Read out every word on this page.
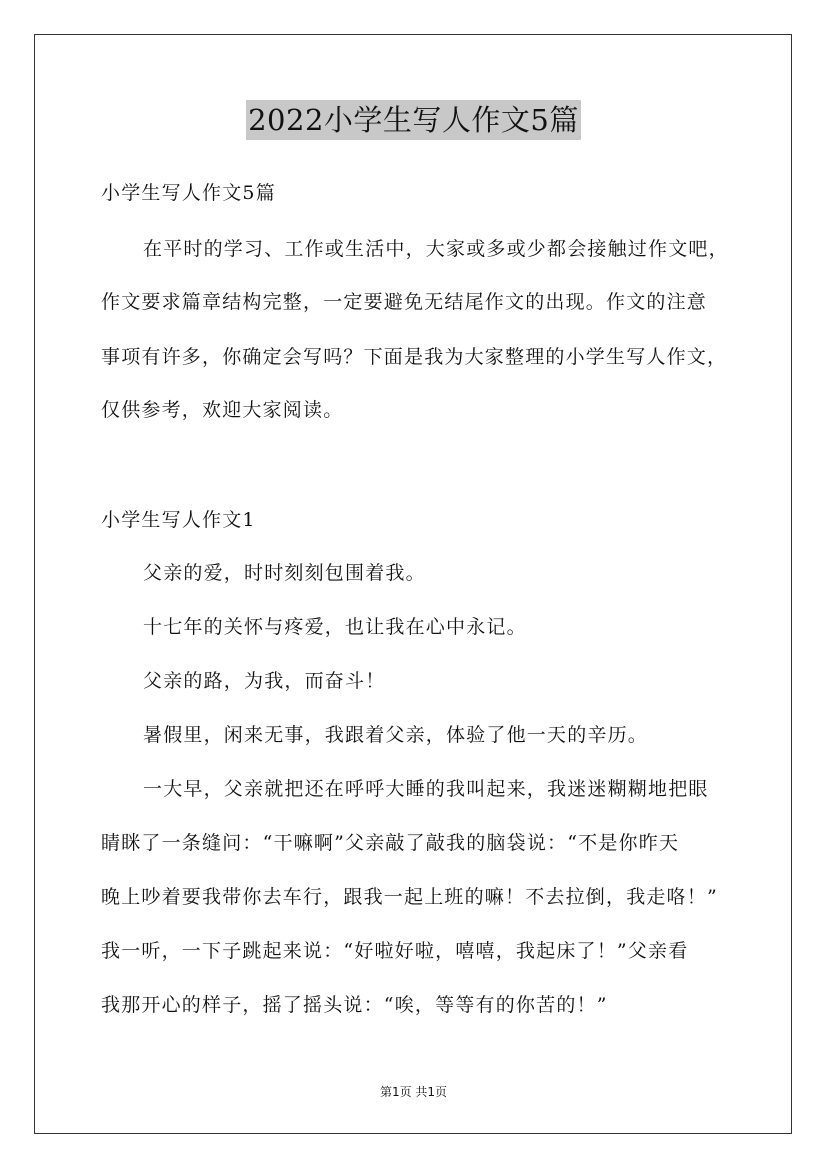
2022小学生写人作文5篇
小学生写人作文5篇
在平时的学习、工作或生活中，大家或多或少都会接触过作文吧，
作文要求篇章结构完整，一定要避免无结尾作文的出现。作文的注意
事项有许多，你确定会写吗？下面是我为大家整理的小学生写人作文，
仅供参考，欢迎大家阅读。
小学生写人作文1
父亲的爱，时时刻刻包围着我。
十七年的关怀与疼爱，也让我在心中永记。
父亲的路，为我，而奋斗！
暑假里，闲来无事，我跟着父亲，体验了他一天的辛历。
一大早，父亲就把还在呼呼大睡的我叫起来，我迷迷糊糊地把眼
睛眯了一条缝问：“干嘛啊”父亲敲了敲我的脑袋说：“不是你昨天
晚上吵着要我带你去车行，跟我一起上班的嘛！不去拉倒，我走咯！”
我一听，一下子跳起来说：“好啦好啦，嘻嘻，我起床了！”父亲看
我那开心的样子，摇了摇头说：“唉，等等有的你苦的！”
第1页 共1页
